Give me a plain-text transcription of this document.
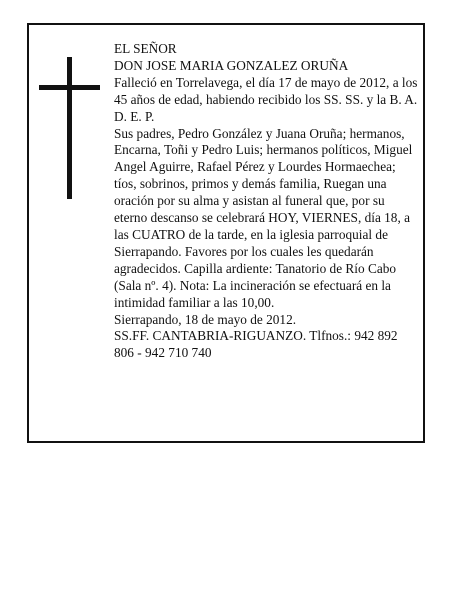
EL SEÑOR

DON JOSE MARIA GONZALEZ ORUÑA

Falleció en Torrelavega, el día 17 de mayo de 2012, a los 45 años de edad, habiendo recibido los SS. SS. y la B. A.

D. E. P.

Sus padres, Pedro González y Juana Oruña; hermanos, Encarna, Toñi y Pedro Luis; hermanos políticos, Miguel Angel Aguirre, Rafael Pérez y Lourdes Hormaechea; tíos, sobrinos, primos y demás familia, Ruegan una oración por su alma y asistan al funeral que, por su eterno descanso se celebrará HOY, VIERNES, día 18, a las CUATRO de la tarde, en la iglesia parroquial de Sierrapando. Favores por los cuales les quedarán agradecidos. Capilla ardiente: Tanatorio de Río Cabo (Sala nº. 4). Nota: La incineración se efectuará en la intimidad familiar a las 10,00.

Sierrapando, 18 de mayo de 2012.

SS.FF. CANTABRIA-RIGUANZO. Tlfnos.: 942 892 806 - 942 710 740
